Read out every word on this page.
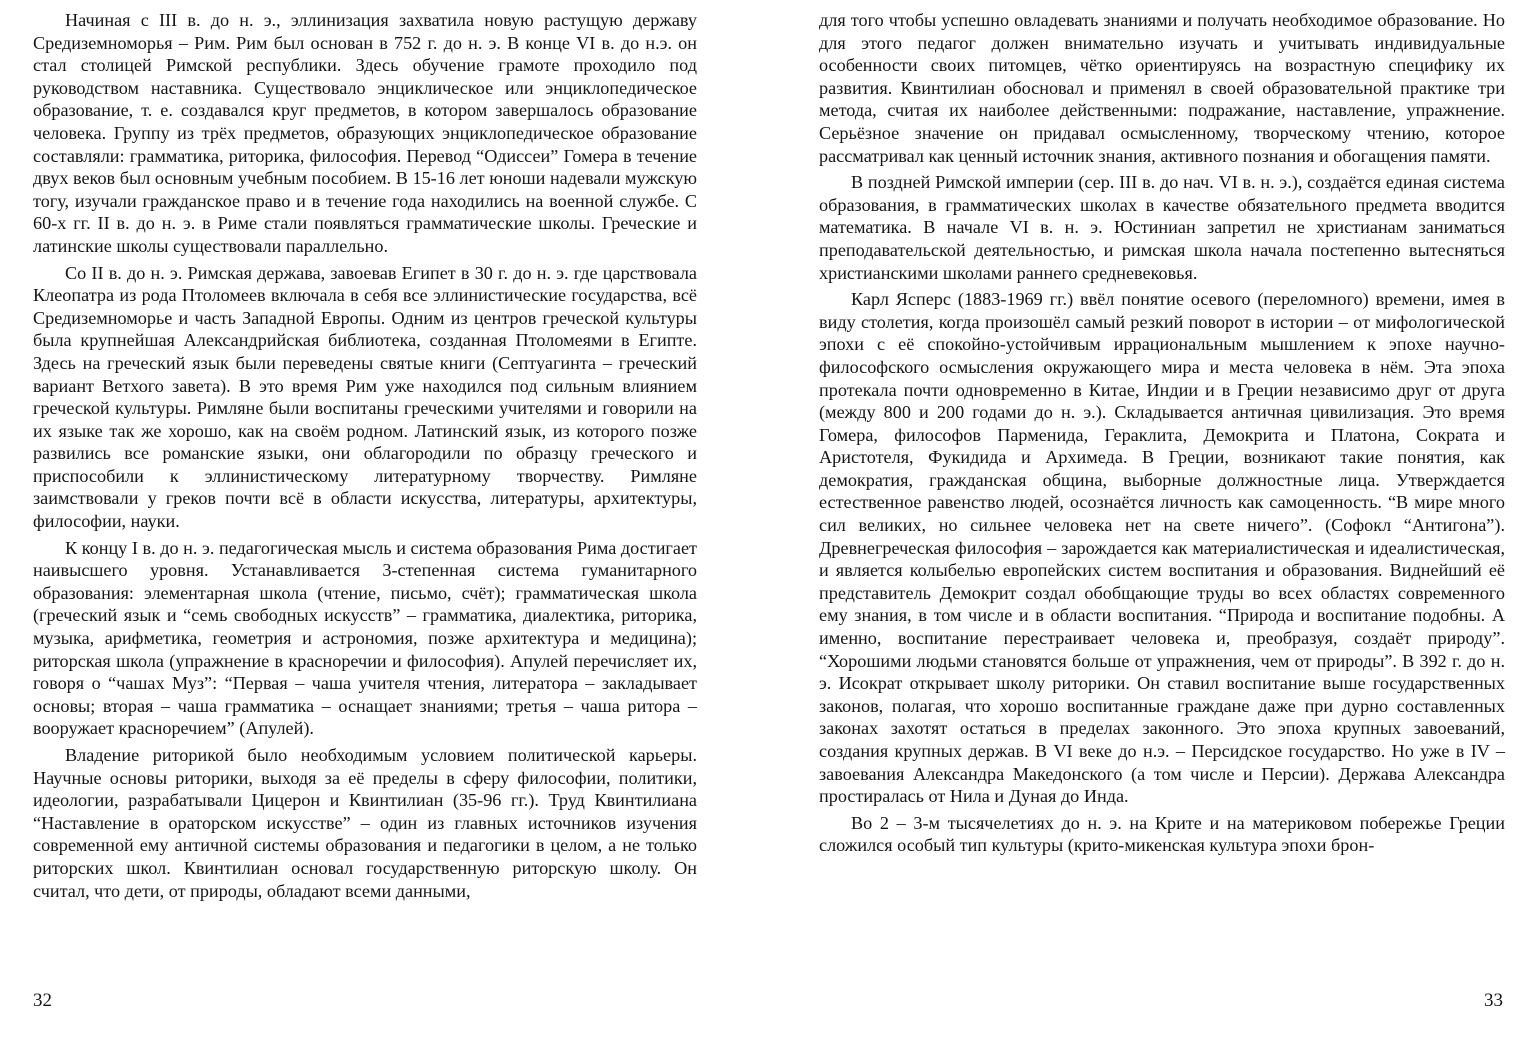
Начиная с III в. до н. э., эллинизация захватила новую растущую державу Средиземноморья – Рим. Рим был основан в 752 г. до н. э. В конце VI в. до н.э. он стал столицей Римской республики. Здесь обучение грамоте проходило под руководством наставника. Существовало энциклическое или энциклопедическое образование, т. е. создавался круг предметов, в котором завершалось образование человека. Группу из трёх предметов, образующих энциклопедическое образование составляли: грамматика, риторика, философия. Перевод “Одиссеи” Гомера в течение двух веков был основным учебным пособием. В 15-16 лет юноши надевали мужскую тогу, изучали гражданское право и в течение года находились на военной службе. С 60-х гг. II в. до н. э. в Риме стали появляться грамматические школы. Греческие и латинские школы существовали параллельно.

Со II в. до н. э. Римская держава, завоевав Египет в 30 г. до н. э. где царствовала Клеопатра из рода Птоломеев включала в себя все эллинистические государства, всё Средиземноморье и часть Западной Европы. Одним из центров греческой культуры была крупнейшая Александрийская библиотека, созданная Птоломеями в Египте. Здесь на греческий язык были переведены святые книги (Септуагинта – греческий вариант Ветхого завета). В это время Рим уже находился под сильным влиянием греческой культуры. Римляне были воспитаны греческими учителями и говорили на их языке так же хорошо, как на своём родном. Латинский язык, из которого позже развились все романские языки, они облагородили по образцу греческого и приспособили к эллинистическому литературному творчеству. Римляне заимствовали у греков почти всё в области искусства, литературы, архитектуры, философии, науки.

К концу I в. до н. э. педагогическая мысль и система образования Рима достигает наивысшего уровня. Устанавливается 3-степенная система гуманитарного образования: элементарная школа (чтение, письмо, счёт); грамматическая школа (греческий язык и “семь свободных искусств” – грамматика, диалектика, риторика, музыка, арифметика, геометрия и астрономия, позже архитектура и медицина); риторская школа (упражнение в красноречии и философия). Апулей перечисляет их, говоря о “чашах Муз”: “Первая – чаша учителя чтения, литератора – закладывает основы; вторая – чаша грамматика – оснащает знаниями; третья – чаша ритора – вооружает красноречием” (Апулей).

Владение риторикой было необходимым условием политической карьеры. Научные основы риторики, выходя за её пределы в сферу философии, политики, идеологии, разрабатывали Цицерон и Квинтилиан (35-96 гг.). Труд Квинтилиана “Наставление в ораторском искусстве” – один из главных источников изучения современной ему античной системы образования и педагогики в целом, а не только риторских школ. Квинтилиан основал государственную риторскую школу. Он считал, что дети, от природы, обладают всеми данными,

32

для того чтобы успешно овладевать знаниями и получать необходимое образование. Но для этого педагог должен внимательно изучать и учитывать индивидуальные особенности своих питомцев, чётко ориентируясь на возрастную специфику их развития. Квинтилиан обосновал и применял в своей образовательной практике три метода, считая их наиболее действенными: подражание, наставление, упражнение. Серьёзное значение он придавал осмысленному, творческому чтению, которое рассматривал как ценный источник знания, активного познания и обогащения памяти.

В поздней Римской империи (сер. III в. до нач. VI в. н. э.), создаётся единая система образования, в грамматических школах в качестве обязательного предмета вводится математика. В начале VI в. н. э. Юстиниан запретил не христианам заниматься преподавательской деятельностью, и римская школа начала постепенно вытесняться христианскими школами раннего средневековья.

Карл Ясперс (1883-1969 гг.) ввёл понятие осевого (переломного) времени, имея в виду столетия, когда произошёл самый резкий поворот в истории – от мифологической эпохи с её спокойно-устойчивым иррациональным мышлением к эпохе научно-философского осмысления окружающего мира и места человека в нём. Эта эпоха протекала почти одновременно в Китае, Индии и в Греции независимо друг от друга (между 800 и 200 годами до н. э.). Складывается античная цивилизация. Это время Гомера, философов Парменида, Гераклита, Демокрита и Платона, Сократа и Аристотеля, Фукидида и Архимеда. В Греции, возникают такие понятия, как демократия, гражданская община, выборные должностные лица. Утверждается естественное равенство людей, осознаётся личность как самоценность. “В мире много сил великих, но сильнее человека нет на свете ничего”. (Софокл “Антигона”). Древнегреческая философия – зарождается как материалистическая и идеалистическая, и является колыбелью европейских систем воспитания и образования. Виднейший её представитель Демокрит создал обобщающие труды во всех областях современного ему знания, в том числе и в области воспитания. “Природа и воспитание подобны. А именно, воспитание перестраивает человека и, преобразуя, создаёт природу”. “Хорошими людьми становятся больше от упражнения, чем от природы”. В 392 г. до н. э. Исократ открывает школу риторики. Он ставил воспитание выше государственных законов, полагая, что хорошо воспитанные граждане даже при дурно составленных законах захотят остаться в пределах законного. Это эпоха крупных завоеваний, создания крупных держав. В VI веке до н.э. – Персидское государство. Но уже в IV – завоевания Александра Македонского (а том числе и Персии). Держава Александра простиралась от Нила и Дуная до Инда.

Во 2 – 3-м тысячелетиях до н. э. на Крите и на материковом побережье Греции сложился особый тип культуры (крито-микенская культура эпохи брон-

33
